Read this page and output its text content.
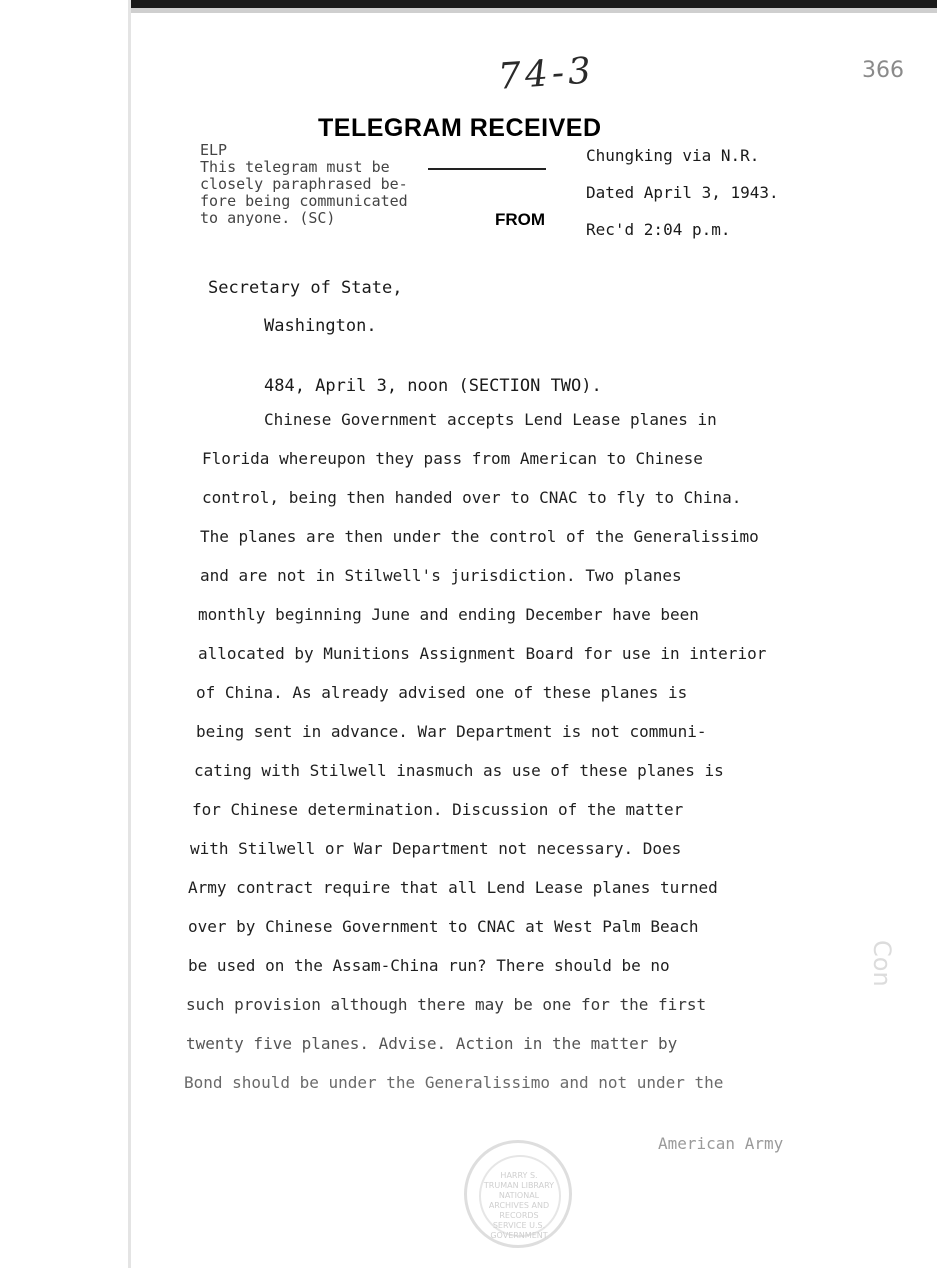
74-3	366
TELEGRAM RECEIVED
ELP
This telegram must be
closely paraphrased be-
fore being communicated
to anyone. (SC)	FROM
Chungking via N.R.
Dated April 3, 1943.
Rec'd 2:04 p.m.
Secretary of State,
Washington.
484, April 3, noon (SECTION TWO).
Chinese Government accepts Lend Lease planes in
Florida whereupon they pass from American to Chinese
control, being then handed over to CNAC to fly to China.
The planes are then under the control of the Generalissimo
and are not in Stilwell's jurisdiction. Two planes
monthly beginning June and ending December have been
allocated by Munitions Assignment Board for use in interior
of China. As already advised one of these planes is
being sent in advance. War Department is not communi-
cating with Stilwell inasmuch as use of these planes is
for Chinese determination. Discussion of the matter
with Stilwell or War Department not necessary. Does
Army contract require that all Lend Lease planes turned
over by Chinese Government to CNAC at West Palm Beach
be used on the Assam-China run? There should be no
such provision although there may be one for the first
twenty five planes. Advise. Action in the matter by
Bond should be under the Generalissimo and not under the
American Army
HARRY S. TRUMAN LIBRARY NATIONAL ARCHIVES AND RECORDS SERVICE U.S. GOVERNMENT
Con
